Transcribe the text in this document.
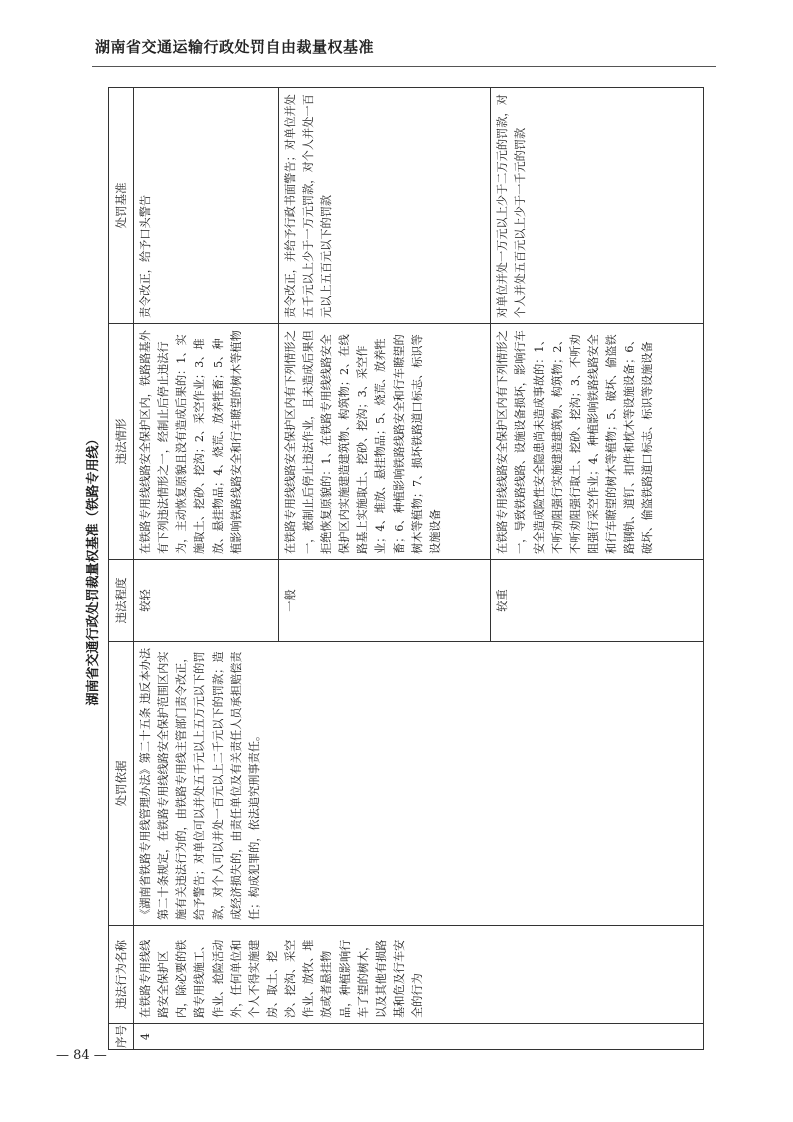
湖南省交通运输行政处罚自由裁量权基准
湖南省交通行政处罚裁量权基准（铁路专用线）
序号	违法行为名称	处罚依据	违法程度	违法情形	处罚基准
4	在铁路专用线线路安全保护区内，除必要的铁路专用线施工、作业、抢险活动外，任何单位和个人不得实施建房、取土、挖沙、挖沟、采空作业、放牧、堆放或者悬挂物品，种植影响行车了望的树木，以及其他有损路基和危及行车安全的行为	《湖南省铁路专用线管理办法》第二十五条 违反本办法第二十条规定，在铁路专用线线路安全保护范围区内实施有关违法行为的，由铁路专用线主管部门责令改正，给予警告；对单位可以并处五千元以上五万元以下的罚款，对个人可以并处一百元以上二千元以下的罚款；造成经济损失的，由责任单位及有关责任人员承担赔偿责任；构成犯罪的，依法追究刑事责任。	较轻	在铁路专用线线路安全保护区内，铁路路基外有下列违法情形之一，经制止后停止违法行为，主动恢复原貌且没有造成后果的：1、实施取土、挖砂、挖沟；2、采空作业；3、堆放、悬挂物品；4、烧荒、放养牲畜；5、种植影响铁路线路安全和行车瞭望的树木等植物	责令改正，给予口头警告
			一般	在铁路专用线线路安全保护区内有下列情形之一，被制止后停止违法作业，且未造成后果但拒绝恢复原貌的：1、在铁路专用线线路安全保护区内实施建造建筑物、构筑物；2、在线路基上实施取土、挖砂、挖沟；3、采空作业；4、堆放、悬挂物品；5、烧荒、放养牲畜；6、种植影响铁路线路安全和行车瞭望的树木等植物；7、损坏铁路道口标志、标识等设施设备	责令改正，并给予行政书面警告；对单位并处五千元以上少于一万元罚款，对个人并处一百元以上五百元以下的罚款
			较重	在铁路专用线线路安全保护区内有下列情形之一，导致铁路线路、设施设备损坏，影响行车安全造成险性安全隐患尚未造成事故的：1、不听劝阻强行实施建造建筑物、构筑物；2、不听劝阻强行取土、挖砂、挖沟；3、不听劝阻强行采空作业；4、种植影响铁路线路安全和行车瞭望的树木等植物；5、破坏、偷盗铁路钢轨、道钉、扣件和枕木等设施设备；6、破坏、偷盗铁路道口标志、标识等设施设备	对单位并处一万元以上少于二万元的罚款，对个人并处五百元以上少于一千元的罚款
— 84 —
